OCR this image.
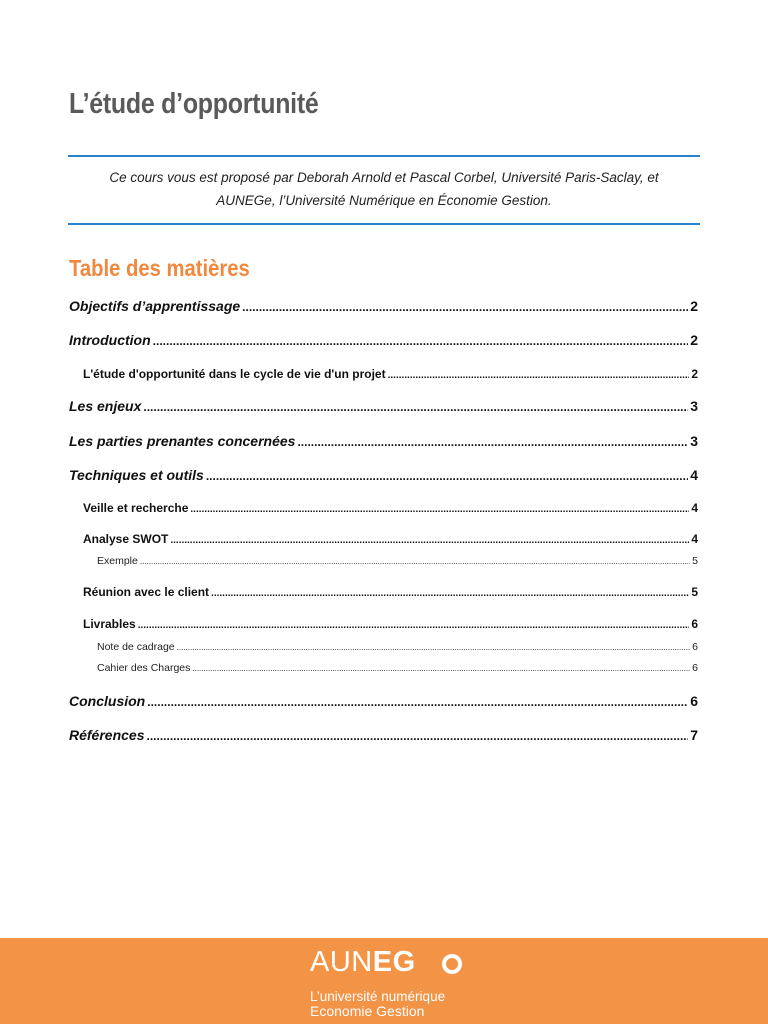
L’étude d’opportunité
Ce cours vous est proposé par Deborah Arnold et Pascal Corbel, Université Paris-Saclay, et
AUNEGe, l’Université Numérique en Économie Gestion.
Table des matières
Objectifs d’apprentissage .....	2
Introduction .....	2
L'étude d'opportunité dans le cycle de vie d'un projet .....	2
Les enjeux .....	3
Les parties prenantes concernées .....	3
Techniques et outils .....	4
Veille et recherche .....	4
Analyse SWOT .....	4
Exemple .....	5
Réunion avec le client .....	5
Livrables .....	6
Note de cadrage .....	6
Cahier des Charges .....	6
Conclusion .....	6
Références .....	7
AUNEG
L’université numérique
Economie Gestion
